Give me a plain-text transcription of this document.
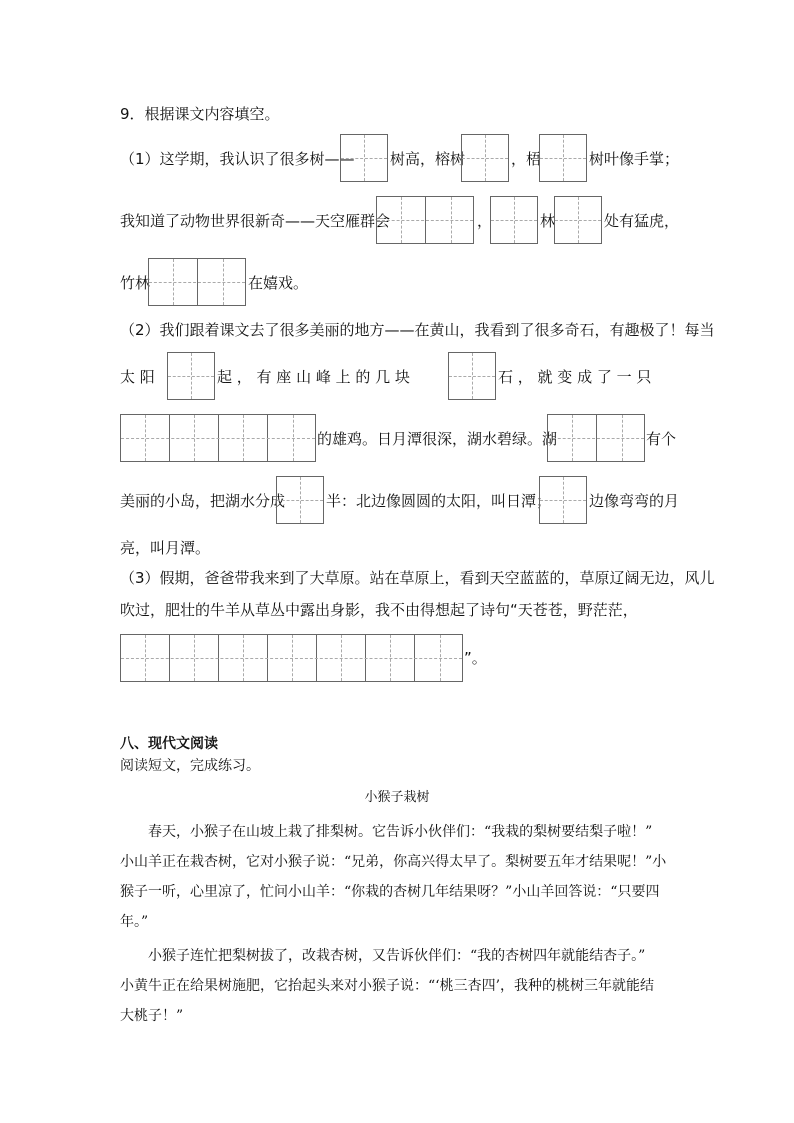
9．根据课文内容填空。
（1）这学期，我认识了很多树—— 树高，榕树	，梧	树叶像手掌；
我知道了动物世界很新奇——天空雁群会	，	林	处有猛虎，
竹林	在嬉戏。
（2）我们跟着课文去了很多美丽的地方——在黄山，我看到了很多奇石，有趣极了！每当
太 阳	起 ， 有 座 山 峰 上 的 几 块	石 ， 就 变 成 了 一 只
的雄鸡。日月潭很深，湖水碧绿。湖	有个
美丽的小岛，把湖水分成	半：北边像圆圆的太阳，叫日潭；	边像弯弯的月
亮，叫月潭。
（3）假期，爸爸带我来到了大草原。站在草原上，看到天空蓝蓝的，草原辽阔无边，风儿
吹过，肥壮的牛羊从草丛中露出身影，我不由得想起了诗句“天苍苍，野茫茫，
”。
八、现代文阅读
阅读短文，完成练习。
小猴子栽树
春天，小猴子在山坡上栽了排梨树。它告诉小伙伴们：“我栽的梨树要结梨子啦！”
小山羊正在栽杏树，它对小猴子说：“兄弟，你高兴得太早了。梨树要五年才结果呢！”小
猴子一听，心里凉了，忙问小山羊：“你栽的杏树几年结果呀？”小山羊回答说：“只要四
年。”
小猴子连忙把梨树拔了，改栽杏树，又告诉伙伴们：“我的杏树四年就能结杏子。”
小黄牛正在给果树施肥，它抬起头来对小猴子说：“‘桃三杏四’，我种的桃树三年就能结
大桃子！”
